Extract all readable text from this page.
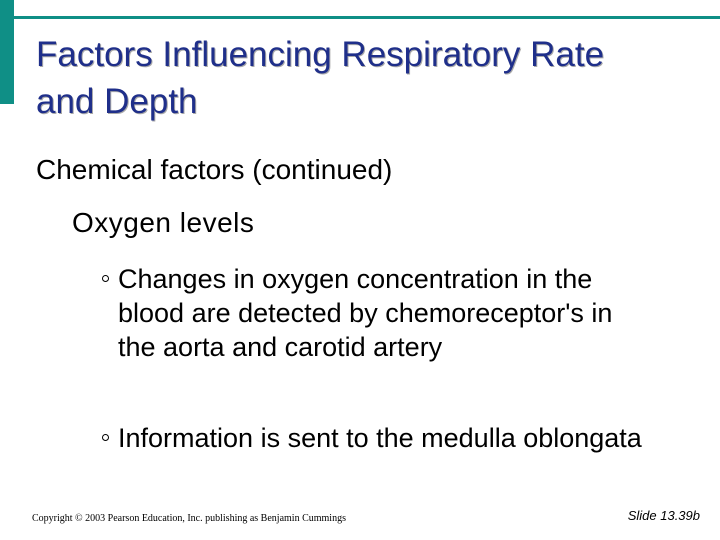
Factors Influencing Respiratory Rate
and Depth
Chemical factors (continued)
Oxygen levels
Changes in oxygen concentration in the blood are detected by chemoreceptor's in the aorta and carotid artery
Information is sent to the medulla oblongata
Copyright © 2003 Pearson Education, Inc. publishing as Benjamin Cummings	Slide 13.39b
